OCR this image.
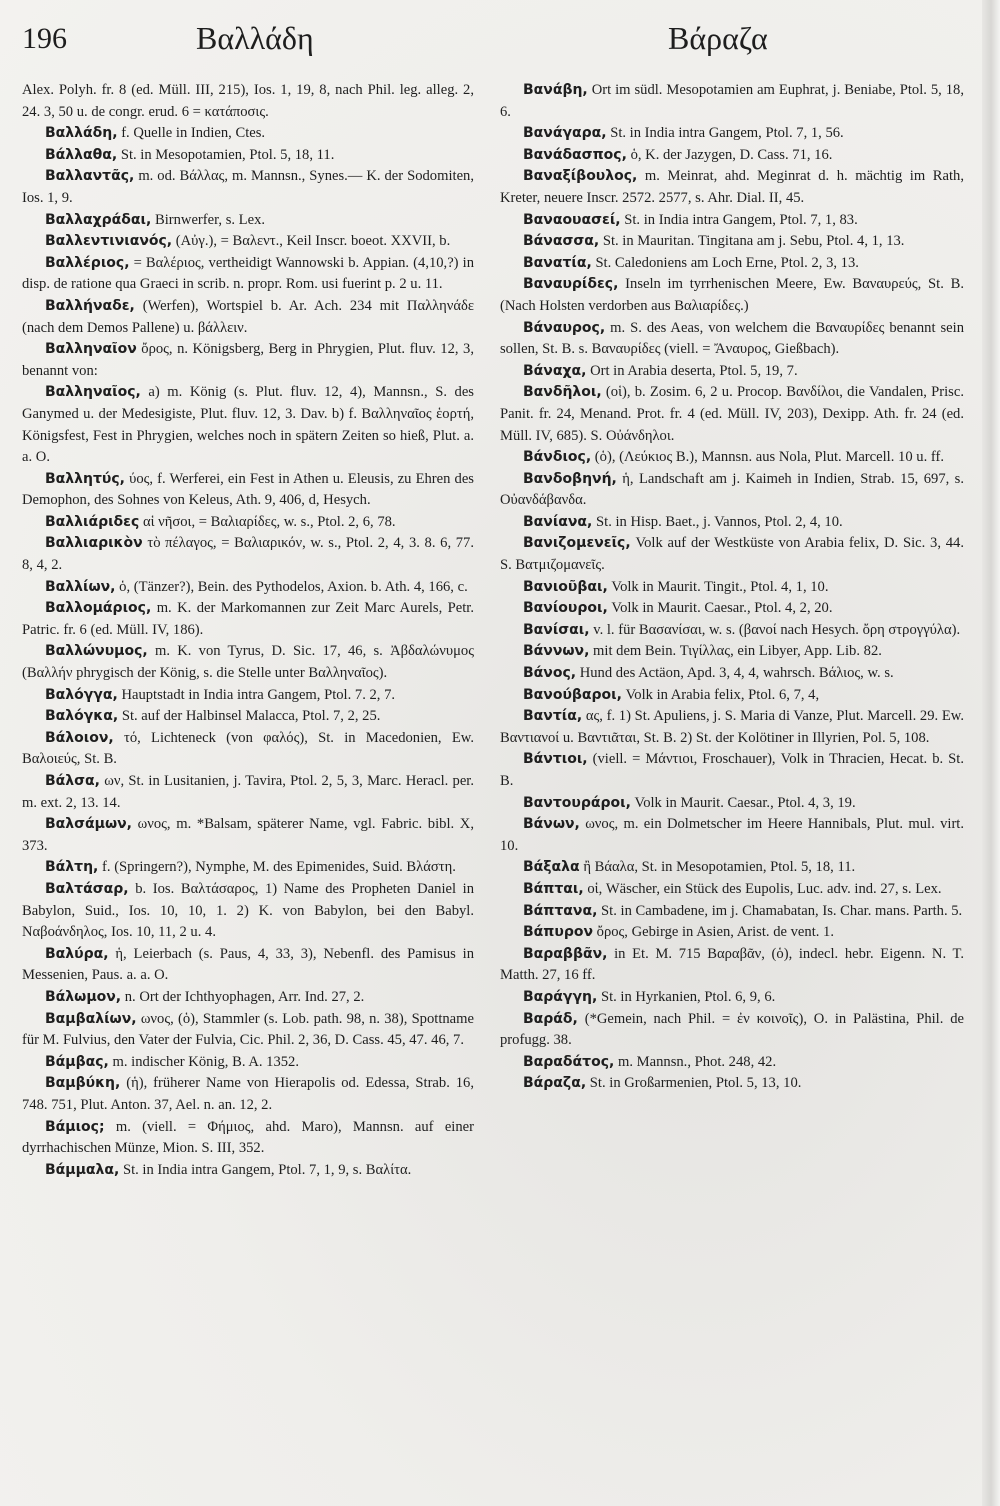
196	Βαλλάδη	Βάραζα

Alex. Polyh. fr. 8 (ed. Müll. III, 215), Ios. 1, 19, 8, nach Phil. leg. alleg. 2, 24. 3, 50 u. de congr. erud. 6 = κατάποσις.

Βαλλάδη, f. Quelle in Indien, Ctes.

Βάλλαθα, St. in Mesopotamien, Ptol. 5, 18, 11.

Βαλλαντᾶς, m. od. Βάλλας, m. Mannsn., Synes.— K. der Sodomiten, Ios. 1, 9.

Βαλλαχράδαι, Birnwerfer, s. Lex.

Βαλλεντινιανός, (Αὐγ.), = Βαλεντ., Keil Inscr. boeot. XXVII, b.

Βαλλέριος, = Βαλέριος, vertheidigt Wannowski b. Appian. (4,10,?) in disp. de ratione qua Graeci in scrib. n. propr. Rom. usi fuerint p. 2 u. 11.

Βαλλήναδε, (Werfen), Wortspiel b. Ar. Ach. 234 mit Παλληνάδε (nach dem Demos Pallene) u. βάλλειν.

Βαλληναῖον ὄρος, n. Königsberg, Berg in Phrygien, Plut. fluv. 12, 3, benannt von:

Βαλληναῖος, a) m. König (s. Plut. fluv. 12, 4), Mannsn., S. des Ganymed u. der Medesigiste, Plut. fluv. 12, 3. Dav. b) f. Βαλληναῖος ἑορτή, Königsfest, Fest in Phrygien, welches noch in spätern Zeiten so hieß, Plut. a. a. O.

Βαλλητύς, ύος, f. Werferei, ein Fest in Athen u. Eleusis, zu Ehren des Demophon, des Sohnes von Keleus, Ath. 9, 406, d, Hesych.

Βαλλιάριδες αἱ νῆσοι, = Βαλιαρίδες, w. s., Ptol. 2, 6, 78.

Βαλλιαρικὸν τὸ πέλαγος, = Βαλιαρικόν, w. s., Ptol. 2, 4, 3. 8. 6, 77. 8, 4, 2.

Βαλλίων, ὁ, (Tänzer?), Bein. des Pythodelos, Axion. b. Ath. 4, 166, c.

Βαλλομάριος, m. K. der Markomannen zur Zeit Marc Aurels, Petr. Patric. fr. 6 (ed. Müll. IV, 186).

Βαλλώνυμος, m. K. von Tyrus, D. Sic. 17, 46, s. Ἀβδαλώνυμος (Βαλλήν phrygisch der König, s. die Stelle unter Βαλληναῖος).

Βαλόγγα, Hauptstadt in India intra Gangem, Ptol. 7. 2, 7.

Βαλόγκα, St. auf der Halbinsel Malacca, Ptol. 7, 2, 25.

Βάλοιον, τό, Lichteneck (von φαλός), St. in Macedonien, Ew. Βαλοιεύς, St. B.

Βάλσα, ων, St. in Lusitanien, j. Tavira, Ptol. 2, 5, 3, Marc. Heracl. per. m. ext. 2, 13. 14.

Βαλσάμων, ωνος, m. *Balsam, späterer Name, vgl. Fabric. bibl. X, 373.

Βάλτη, f. (Springern?), Nymphe, M. des Epimenides, Suid. Βλάστη.

Βαλτάσαρ, b. Ios. Βαλτάσαρος, 1) Name des Propheten Daniel in Babylon, Suid., Ios. 10, 10, 1. 2) K. von Babylon, bei den Babyl. Ναβοάνδηλος, Ios. 10, 11, 2 u. 4.

Βαλύρα, ἡ, Leierbach (s. Paus, 4, 33, 3), Nebenfl. des Pamisus in Messenien, Paus. a. a. O.

Βάλωμον, n. Ort der Ichthyophagen, Arr. Ind. 27, 2.

Βαμβαλίων, ωνος, (ὁ), Stammler (s. Lob. path. 98, n. 38), Spottname für M. Fulvius, den Vater der Fulvia, Cic. Phil. 2, 36, D. Cass. 45, 47. 46, 7.

Βάμβας, m. indischer König, B. A. 1352.

Βαμβύκη, (ἡ), früherer Name von Hierapolis od. Edessa, Strab. 16, 748. 751, Plut. Anton. 37, Ael. n. an. 12, 2.

Βάμιος; m. (viell. = Φήμιος, ahd. Maro), Mannsn. auf einer dyrrhachischen Münze, Mion. S. III, 352.

Βάμμαλα, St. in India intra Gangem, Ptol. 7, 1, 9, s. Βαλίτα.

Βανάβη, Ort im südl. Mesopotamien am Euphrat, j. Beniabe, Ptol. 5, 18, 6.

Βανάγαρα, St. in India intra Gangem, Ptol. 7, 1, 56.

Βανάδασπος, ὁ, K. der Jazygen, D. Cass. 71, 16.

Βαναξίβουλος, m. Meinrat, ahd. Meginrat d. h. mächtig im Rath, Kreter, neuere Inscr. 2572. 2577, s. Ahr. Dial. II, 45.

Βαναουασεί, St. in India intra Gangem, Ptol. 7, 1, 83.

Βάνασσα, St. in Mauritan. Tingitana am j. Sebu, Ptol. 4, 1, 13.

Βανατία, St. Caledoniens am Loch Erne, Ptol. 2, 3, 13.

Βαναυρίδες, Inseln im tyrrhenischen Meere, Ew. Βαναυρεύς, St. B. (Nach Holsten verdorben aus Βαλιαρίδες.)

Βάναυρος, m. S. des Aeas, von welchem die Βαναυρίδες benannt sein sollen, St. B. s. Βαναυρίδες (viell. = Ἄναυρος, Gießbach).

Βάναχα, Ort in Arabia deserta, Ptol. 5, 19, 7.

Βανδῆλοι, (οἱ), b. Zosim. 6, 2 u. Procop. Βανδίλοι, die Vandalen, Prisc. Panit. fr. 24, Menand. Prot. fr. 4 (ed. Müll. IV, 203), Dexipp. Ath. fr. 24 (ed. Müll. IV, 685). S. Οὐάνδηλοι.

Βάνδιος, (ὁ), (Λεύκιος Β.), Mannsn. aus Nola, Plut. Marcell. 10 u. ff.

Βανδοβηνή, ἡ, Landschaft am j. Kaimeh in Indien, Strab. 15, 697, s. Οὐανδάβανδα.

Βανίανα, St. in Hisp. Baet., j. Vannos, Ptol. 2, 4, 10.

Βανιζομενεῖς, Volk auf der Westküste von Arabia felix, D. Sic. 3, 44. S. Βατμιζομανεῖς.

Βανιοῦβαι, Volk in Maurit. Tingit., Ptol. 4, 1, 10.

Βανίουροι, Volk in Maurit. Caesar., Ptol. 4, 2, 20.

Βανίσαι, v. l. für Βασανίσαι, w. s. (βανοί nach Hesych. ὄρη στρογγύλα).

Βάννων, mit dem Bein. Τιγίλλας, ein Libyer, App. Lib. 82.

Βάνος, Hund des Actäon, Apd. 3, 4, 4, wahrsch. Βάλιος, w. s.

Βανούβαροι, Volk in Arabia felix, Ptol. 6, 7, 4,

Βαντία, ας, f. 1) St. Apuliens, j. S. Maria di Vanze, Plut. Marcell. 29. Ew. Βαντιανοί u. Βαντιᾶται, St. B. 2) St. der Kolötiner in Illyrien, Pol. 5, 108.

Βάντιοι, (viell. = Μάντιοι, Froschauer), Volk in Thracien, Hecat. b. St. B.

Βαντουράροι, Volk in Maurit. Caesar., Ptol. 4, 3, 19.

Βάνων, ωνος, m. ein Dolmetscher im Heere Hannibals, Plut. mul. virt. 10.

Βάξαλα ἢ Βάαλα, St. in Mesopotamien, Ptol. 5, 18, 11.

Βάπται, οἱ, Wäscher, ein Stück des Eupolis, Luc. adv. ind. 27, s. Lex.

Βάπτανα, St. in Cambadene, im j. Chamabatan, Is. Char. mans. Parth. 5.

Βάπυρον ὄρος, Gebirge in Asien, Arist. de vent. 1.

Βαραββᾶν, in Et. M. 715 Βαραβᾶν, (ὁ), indecl. hebr. Eigenn. N. T. Matth. 27, 16 ff.

Βαράγγη, St. in Hyrkanien, Ptol. 6, 9, 6.

Βαράδ, (*Gemein, nach Phil. = ἐν κοινοῖς), O. in Palästina, Phil. de profugg. 38.

Βαραδάτος, m. Mannsn., Phot. 248, 42.

Βάραζα, St. in Großarmenien, Ptol. 5, 13, 10.
